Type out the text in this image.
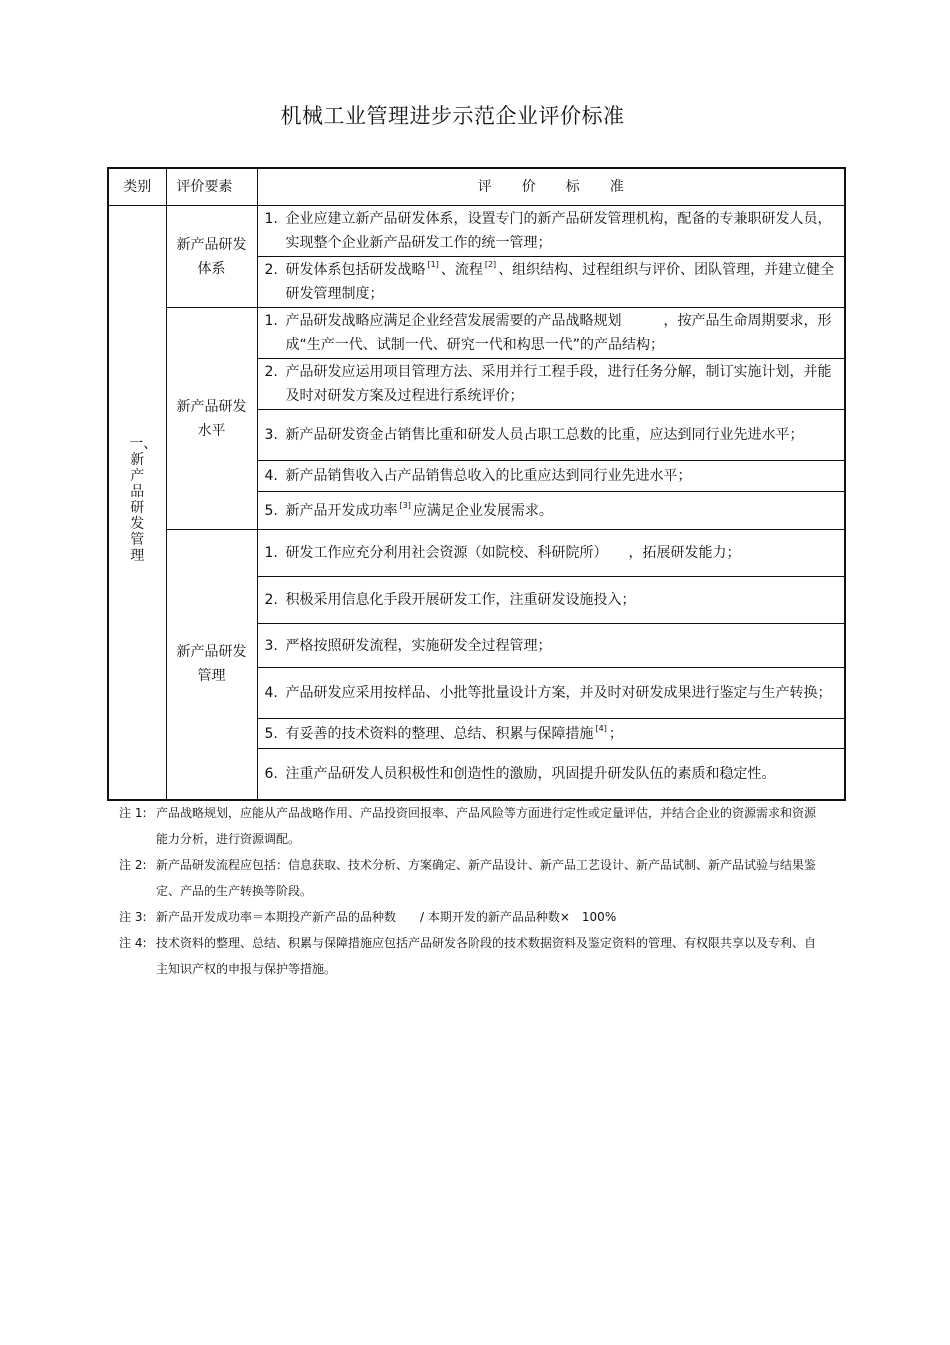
机械工业管理进步示范企业评价标准
类别	评价要素	评价标准
一、新产品研发管理	新产品研发体系	1. 企业应建立新产品研发体系，设置专门的新产品研发管理机构，配备的专兼职研发人员，实现整个企业新产品研发工作的统一管理；

		2. 研发体系包括研发战略 [1] 、流程 [2] 、组织结构、过程组织与评价、团队管理，并建立健全研发管理制度；

	新产品研发水平	1. 产品研发战略应满足企业经营发展需要的产品战略规划　　　，按产品生命周期要求，形成“生产一代、试制一代、研究一代和构思一代”的产品结构；

		2. 产品研发应运用项目管理方法、采用并行工程手段，进行任务分解，制订实施计划，并能及时对研发方案及过程进行系统评价；

		3. 新产品研发资金占销售比重和研发人员占职工总数的比重，应达到同行业先进水平；

		4. 新产品销售收入占产品销售总收入的比重应达到同行业先进水平；

		5. 新产品开发成功率 [3] 应满足企业发展需求。

	新产品研发管理	1. 研发工作应充分利用社会资源（如院校、科研院所）　　，拓展研发能力；

		2. 积极采用信息化手段开展研发工作，注重研发设施投入；

		3. 严格按照研发流程，实施研发全过程管理；

		4. 产品研发应采用按样品、小批等批量设计方案，并及时对研发成果进行鉴定与生产转换；

		5. 有妥善的技术资料的整理、总结、积累与保障措施 [4] ；

		6. 注重产品研发人员积极性和创造性的激励，巩固提升研发队伍的素质和稳定性。
注 1: 产品战略规划，应能从产品战略作用、产品投资回报率、产品风险等方面进行定性或定量评估，并结合企业的资源需求和资源能力分析，进行资源调配。
注 2: 新产品研发流程应包括：信息获取、技术分析、方案确定、新产品设计、新产品工艺设计、新产品试制、新产品试验与结果鉴定、产品的生产转换等阶段。
注 3: 新产品开发成功率＝本期投产新产品的品种数　　/ 本期开发的新产品品种数×　100%
注 4: 技术资料的整理、总结、积累与保障措施应包括产品研发各阶段的技术数据资料及鉴定资料的管理、有权限共享以及专利、自主知识产权的申报与保护等措施。
